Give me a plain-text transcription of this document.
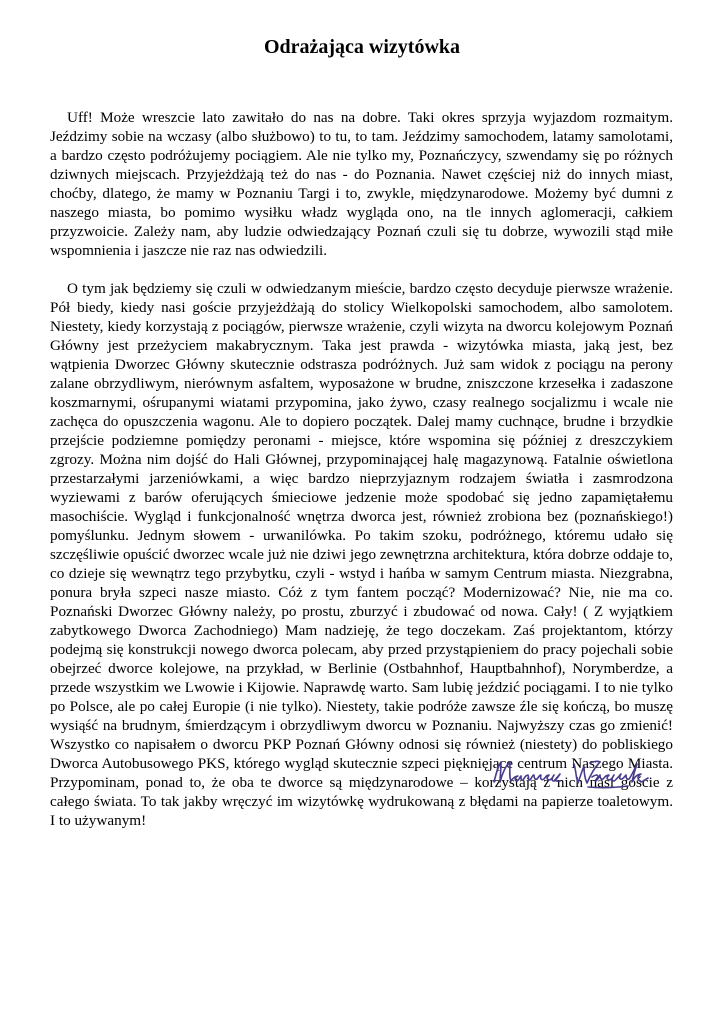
Odrażająca wizytówka

Uff! Może wreszcie lato zawitało do nas na dobre. Taki okres sprzyja wyjazdom rozmaitym. Jeździmy sobie na wczasy (albo służbowo) to tu, to tam. Jeździmy samochodem, latamy samolotami, a bardzo często podróżujemy pociągiem. Ale nie tylko my, Poznańczycy, szwendamy się po różnych dziwnych miejscach. Przyjeżdżają też do nas - do Poznania. Nawet częściej niż do innych miast, choćby, dlatego, że mamy w Poznaniu Targi i to, zwykle, międzynarodowe. Możemy być dumni z naszego miasta, bo pomimo wysiłku władz wygląda ono, na tle innych aglomeracji, całkiem przyzwoicie. Zależy nam, aby ludzie odwiedzający Poznań czuli się tu dobrze, wywozili stąd miłe wspomnienia i jaszcze nie raz nas odwiedzili.

O tym jak będziemy się czuli w odwiedzanym mieście, bardzo często decyduje pierwsze wrażenie. Pół biedy, kiedy nasi goście przyjeżdżają do stolicy Wielkopolski samochodem, albo samolotem. Niestety, kiedy korzystają z pociągów, pierwsze wrażenie, czyli wizyta na dworcu kolejowym Poznań Główny jest przeżyciem makabrycznym. Taka jest prawda - wizytówka miasta, jaką jest, bez wątpienia Dworzec Główny skutecznie odstrasza podróżnych. Już sam widok z pociągu na perony zalane obrzydliwym, nierównym asfaltem, wyposażone w brudne, zniszczone krzesełka i zadaszone koszmarnymi, ośrupanymi wiatami przypomina, jako żywo, czasy realnego socjalizmu i wcale nie zachęca do opuszczenia wagonu. Ale to dopiero początek. Dalej mamy cuchnące, brudne i brzydkie przejście podziemne pomiędzy peronami - miejsce, które wspomina się później z dreszczykiem zgrozy. Można nim dojść do Hali Głównej, przypominającej halę magazynową. Fatalnie oświetlona przestarzałymi jarzeniówkami, a więc bardzo nieprzyjaznym rodzajem światła i zasmrodzona wyziewami z barów oferujących śmieciowe jedzenie może spodobać się jedno zapamiętałemu masochiście. Wygląd i funkcjonalność wnętrza dworca jest, również zrobiona bez (poznańskiego!) pomyślunku. Jednym słowem - urwanilówka. Po takim szoku, podróżnego, któremu udało się szczęśliwie opuścić dworzec wcale już nie dziwi jego zewnętrzna architektura, która dobrze oddaje to, co dzieje się wewnątrz tego przybytku, czyli - wstyd i hańba w samym Centrum miasta. Niezgrabna, ponura bryła szpeci nasze miasto. Cóż z tym fantem począć? Modernizować? Nie, nie ma co. Poznański Dworzec Główny należy, po prostu, zburzyć i zbudować od nowa. Cały! ( Z wyjątkiem zabytkowego Dworca Zachodniego) Mam nadzieję, że tego doczekam. Zaś projektantom, którzy podejmą się konstrukcji nowego dworca polecam, aby przed przystąpieniem do pracy pojechali sobie obejrzeć dworce kolejowe, na przykład, w Berlinie (Ostbahnhof, Hauptbahnhof), Norymberdze, a przede wszystkim we Lwowie i Kijowie. Naprawdę warto. Sam lubię jeździć pociągami. I to nie tylko po Polsce, ale po całej Europie (i nie tylko). Niestety, takie podróże zawsze źle się kończą, bo muszę wysiąść na brudnym, śmierdzącym i obrzydliwym dworcu w Poznaniu. Najwyższy czas go zmienić! Wszystko co napisałem o dworcu PKP Poznań Główny odnosi się również (niestety) do pobliskiego Dworca Autobusowego PKS, którego wygląd skutecznie szpeci pięknięjące centrum Naszego Miasta. Przypominam, ponad to, że oba te dworce są międzynarodowe – korzystają z nich nasi goście z całego świata. To tak jakby wręczyć im wizytówkę wydrukowaną z błędami na papierze toaletowym. I to używanym!
